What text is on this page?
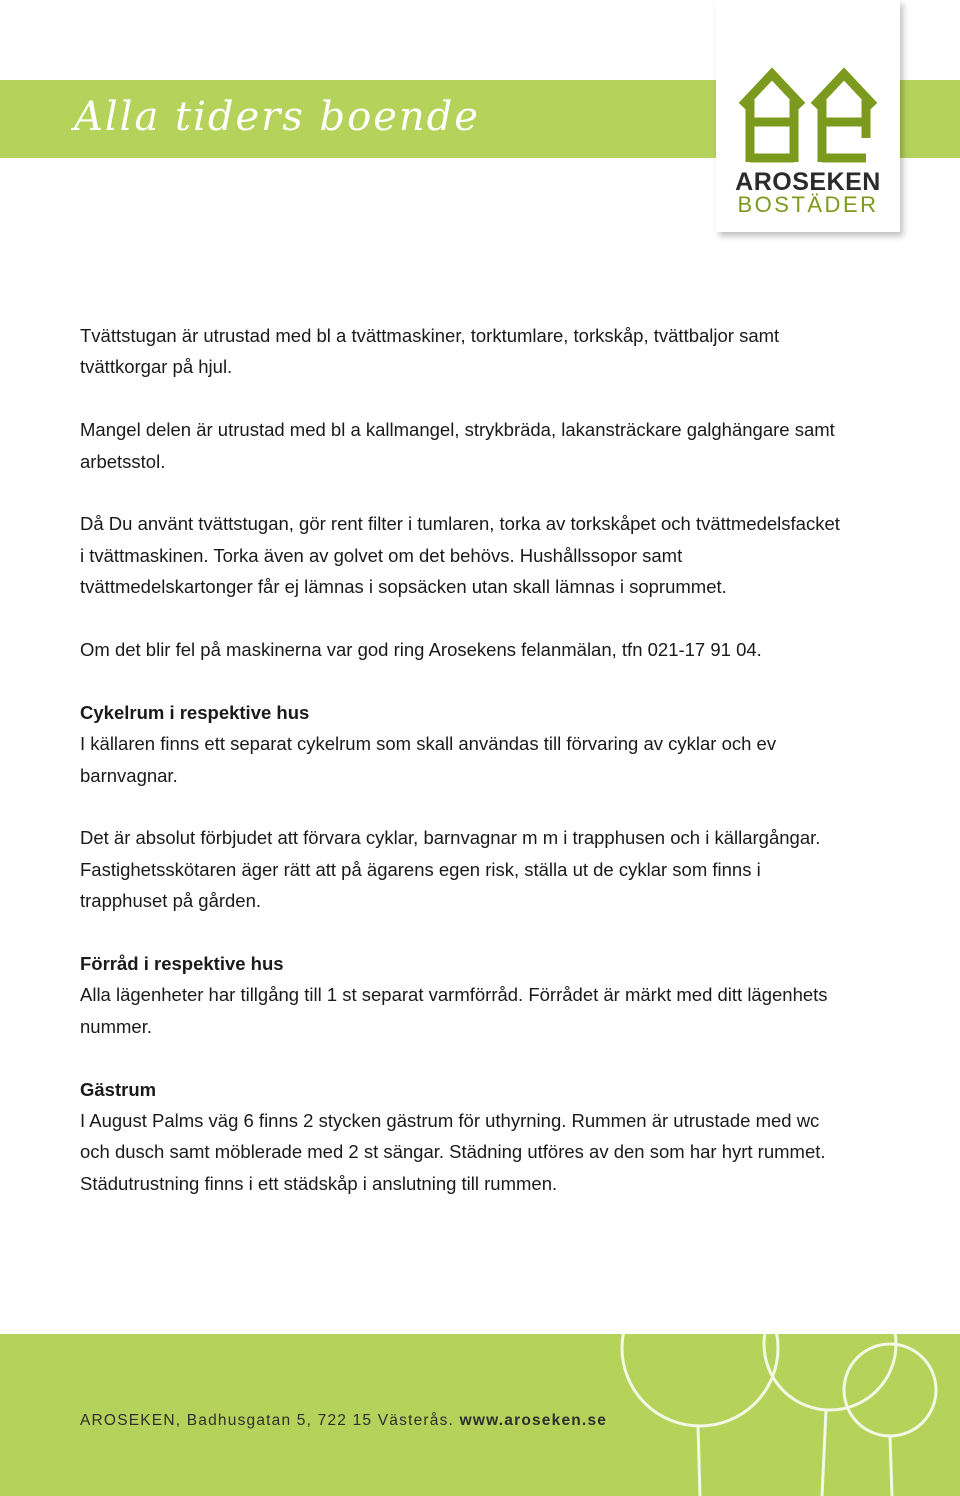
Alla tiders boende
AROSEKEN
BOSTÄDER

Tvättstugan är utrustad med bl a tvättmaskiner, torktumlare, torkskåp, tvättbaljor samt tvättkorgar på hjul.

Mangel delen är utrustad med bl a kallmangel, strykbräda, lakansträckare galghängare samt arbetsstol.

Då Du använt tvättstugan, gör rent filter i tumlaren, torka av torkskåpet och tvättmedelsfacket i tvättmaskinen. Torka även av golvet om det behövs. Hushållssopor samt tvättmedelskartonger får ej lämnas i sopsäcken utan skall lämnas i soprummet.

Om det blir fel på maskinerna var god ring Arosekens felanmälan, tfn 021-17 91 04.

Cykelrum i respektive hus

I källaren finns ett separat cykelrum som skall användas till förvaring av cyklar och ev barnvagnar.

Det är absolut förbjudet att förvara cyklar, barnvagnar m m i trapphusen och i källargångar. Fastighetsskötaren äger rätt att på ägarens egen risk, ställa ut de cyklar som finns i trapphuset på gården.

Förråd i respektive hus

Alla lägenheter har tillgång till 1 st separat varmförråd. Förrådet är märkt med ditt lägenhets nummer.

Gästrum

I August Palms väg 6 finns 2 stycken gästrum för uthyrning. Rummen är utrustade med wc och dusch samt möblerade med 2 st sängar. Städning utföres av den som har hyrt rummet. Städutrustning finns i ett städskåp i anslutning till rummen.

AROSEKEN, Badhusgatan 5, 722 15 Västerås. www.aroseken.se
